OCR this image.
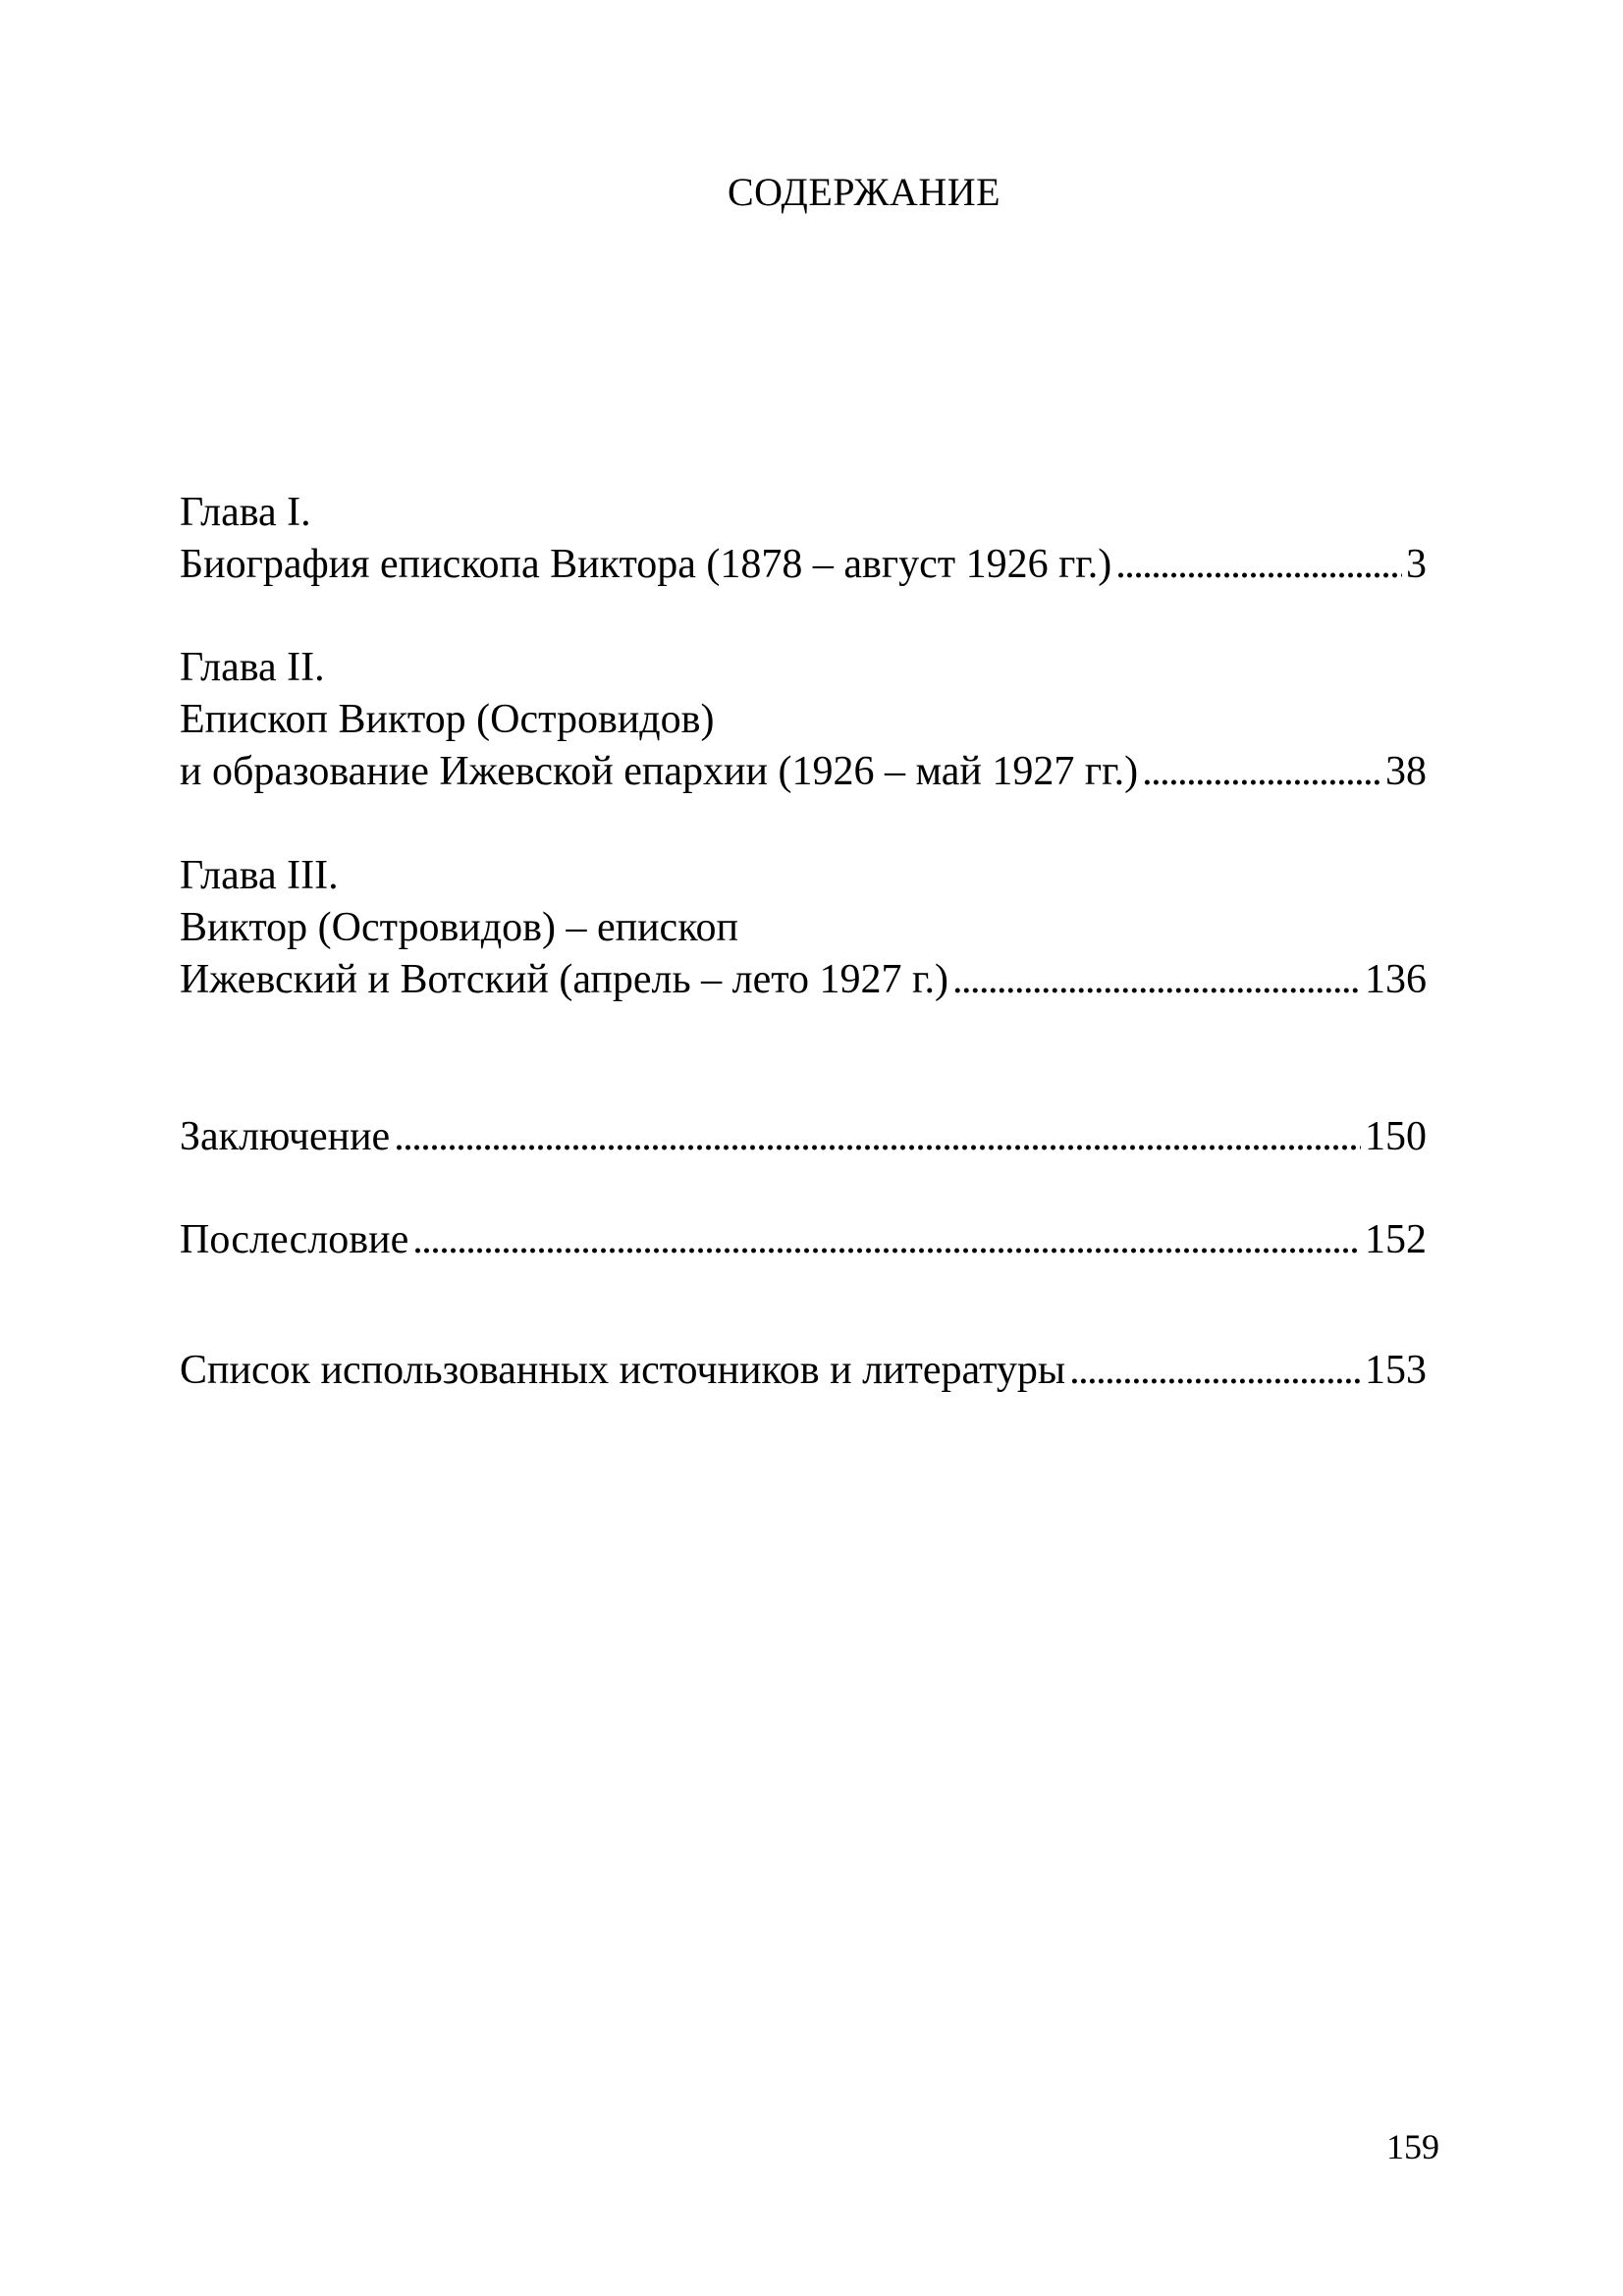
СОДЕРЖАНИЕ
Глава I.
Биография епископа Виктора (1878 – август 1926 гг.) . . .	3
Глава II.
Епископ Виктор (Островидов)
и образование Ижевской епархии (1926 – май 1927 гг.) . . .	38
Глава III.
Виктор (Островидов) – епископ
Ижевский и Вотский (апрель – лето 1927 г.) . . .	136
Заключение . . .	150
Послесловие . . .	152
Список использованных источников и литературы . . .	153
159
